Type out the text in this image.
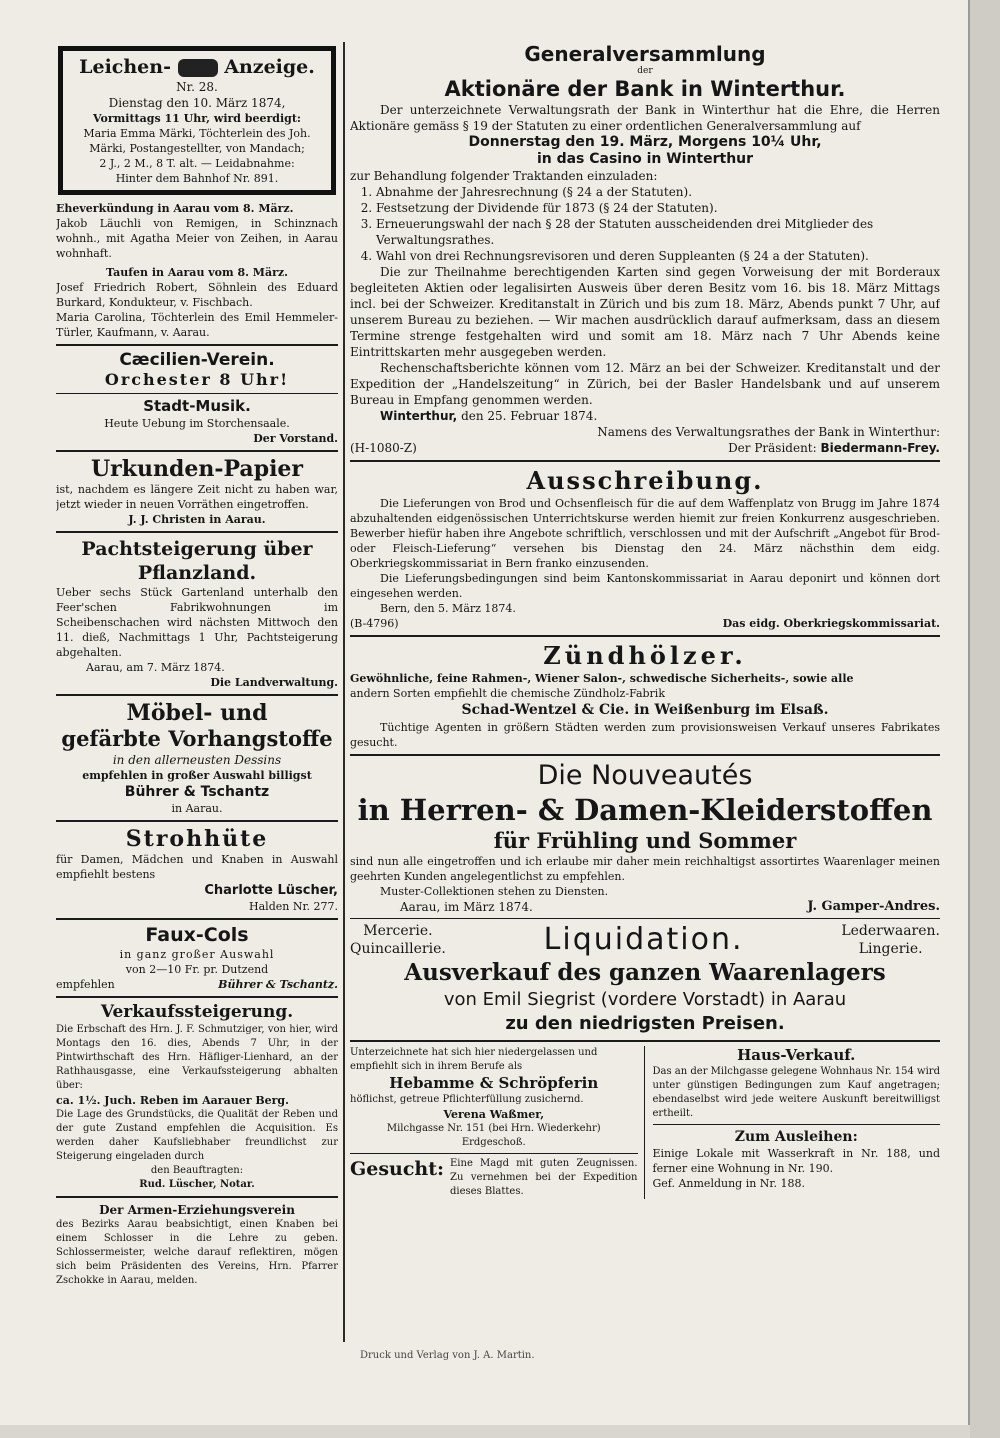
Leichen-	Anzeige.

Nr. 28.

Dienstag den 10. März 1874,

Vormittags 11 Uhr, wird beerdigt:

Maria Emma Märki, Töchterlein des Joh.

Märki, Postangestellter, von Mandach;

2 J., 2 M., 8 T. alt. — Leidabnahme:

Hinter dem Bahnhof Nr. 891.

Eheverkündung in Aarau vom 8. März.

Jakob Läuchli von Remigen, in Schinznach wohnh., mit Agatha Meier von Zeihen, in Aarau wohnhaft.

Taufen in Aarau vom 8. März.

Josef Friedrich Robert, Söhnlein des Eduard Burkard, Kondukteur, v. Fischbach.

Maria Carolina, Töchterlein des Emil Hemmeler-Türler, Kaufmann, v. Aarau.

Cæcilien-Verein.

Orchester 8 Uhr!

Stadt-Musik.

Heute Uebung im Storchensaale.

Der Vorstand.

Urkunden-Papier

ist, nachdem es längere Zeit nicht zu haben war, jetzt wieder in neuen Vorräthen eingetroffen.

J. J. Christen in Aarau.

Pachtsteigerung über Pflanzland.

Ueber sechs Stück Gartenland unterhalb den Feer'schen Fabrikwohnungen im Scheibenschachen wird nächsten Mittwoch den 11. dieß, Nachmittags 1 Uhr, Pachtsteigerung abgehalten.

Aarau, am 7. März 1874.

Die Landverwaltung.

Möbel- und

gefärbte Vorhangstoffe

in den allerneusten Dessins

empfehlen in großer Auswahl billigst

Bührer & Tschantz

in Aarau.

Strohhüte

für Damen, Mädchen und Knaben in Auswahl empfiehlt bestens

Charlotte Lüscher,

Halden Nr. 277.

Faux-Cols

in ganz großer Auswahl

von 2—10 Fr. pr. Dutzend

empfehlen	Bührer & Tschantz.

Verkaufssteigerung.

Die Erbschaft des Hrn. J. F. Schmutziger, von hier, wird Montags den 16. dies, Abends 7 Uhr, in der Pintwirthschaft des Hrn. Häfliger-Lienhard, an der Rathhausgasse, eine Verkaufssteigerung abhalten über:

ca. 1½. Juch. Reben im Aarauer Berg.

Die Lage des Grundstücks, die Qualität der Reben und der gute Zustand empfehlen die Acquisition. Es werden daher Kaufsliebhaber freundlichst zur Steigerung eingeladen durch

den Beauftragten:

Rud. Lüscher, Notar.

Der Armen-Erziehungsverein

des Bezirks Aarau beabsichtigt, einen Knaben bei einem Schlosser in die Lehre zu geben. Schlossermeister, welche darauf reflektiren, mögen sich beim Präsidenten des Vereins, Hrn. Pfarrer Zschokke in Aarau, melden.

Generalversammlung

der

Aktionäre der Bank in Winterthur.

Der unterzeichnete Verwaltungsrath der Bank in Winterthur hat die Ehre, die Herren Aktionäre gemäss § 19 der Statuten zu einer ordentlichen Generalversammlung auf

Donnerstag den 19. März, Morgens 10¼ Uhr,

in das Casino in Winterthur

zur Behandlung folgender Traktanden einzuladen:

1. Abnahme der Jahresrechnung (§ 24 a der Statuten).
2. Festsetzung der Dividende für 1873 (§ 24 der Statuten).
3. Erneuerungswahl der nach § 28 der Statuten ausscheidenden drei Mitglieder des Verwaltungsrathes.
4. Wahl von drei Rechnungsrevisoren und deren Suppleanten (§ 24 a der Statuten).

Die zur Theilnahme berechtigenden Karten sind gegen Vorweisung der mit Borderaux begleiteten Aktien oder legalisirten Ausweis über deren Besitz vom 16. bis 18. März Mittags incl. bei der Schweizer. Kreditanstalt in Zürich und bis zum 18. März, Abends punkt 7 Uhr, auf unserem Bureau zu beziehen. — Wir machen ausdrücklich darauf aufmerksam, dass an diesem Termine strenge festgehalten wird und somit am 18. März nach 7 Uhr Abends keine Eintrittskarten mehr ausgegeben werden.

Rechenschaftsberichte können vom 12. März an bei der Schweizer. Kreditanstalt und der Expedition der „Handelszeitung“ in Zürich, bei der Basler Handelsbank und auf unserem Bureau in Empfang genommen werden.

Winterthur, den 25. Februar 1874.

Namens des Verwaltungsrathes der Bank in Winterthur:

(H-1080-Z)	Der Präsident: Biedermann-Frey.

Ausschreibung.

Die Lieferungen von Brod und Ochsenfleisch für die auf dem Waffenplatz von Brugg im Jahre 1874 abzuhaltenden eidgenössischen Unterrichtskurse werden hiemit zur freien Konkurrenz ausgeschrieben. Bewerber hiefür haben ihre Angebote schriftlich, verschlossen und mit der Aufschrift „Angebot für Brod- oder Fleisch-Lieferung“ versehen bis Dienstag den 24. März nächsthin dem eidg. Oberkriegskommissariat in Bern franko einzusenden.

Die Lieferungsbedingungen sind beim Kantonskommissariat in Aarau deponirt und können dort eingesehen werden.

Bern, den 5. März 1874.

(B-4796)	Das eidg. Oberkriegskommissariat.

Zündhölzer.

Gewöhnliche, feine Rahmen-, Wiener Salon-, schwedische Sicherheits-, sowie alle

andern Sorten empfiehlt die chemische Zündholz-Fabrik

Schad-Wentzel & Cie. in Weißenburg im Elsaß.

Tüchtige Agenten in größern Städten werden zum provisionsweisen Verkauf unseres Fabrikates gesucht.

Die Nouveautés

in Herren- & Damen-Kleiderstoffen

für Frühling und Sommer

sind nun alle eingetroffen und ich erlaube mir daher mein reichhaltigst assortirtes Waarenlager meinen geehrten Kunden angelegentlichst zu empfehlen.

Muster-Collektionen stehen zu Diensten.

Aarau, im März 1874.	J. Gamper-Andres.

Mercerie.

Quincaillerie.	Liquidation.	Lederwaaren.

Lingerie.

Ausverkauf des ganzen Waarenlagers

von Emil Siegrist (vordere Vorstadt) in Aarau

zu den niedrigsten Preisen.

Unterzeichnete hat sich hier niedergelassen und empfiehlt sich in ihrem Berufe als

Hebamme & Schröpferin

höflichst, getreue Pflichterfüllung zusichernd.

Verena Waßmer,

Milchgasse Nr. 151 (bei Hrn. Wiederkehr)

Erdgeschoß.

Gesucht: Eine Magd mit guten Zeugnissen. Zu vernehmen bei der Expedition dieses Blattes.

Haus-Verkauf.

Das an der Milchgasse gelegene Wohnhaus Nr. 154 wird unter günstigen Bedingungen zum Kauf angetragen; ebendaselbst wird jede weitere Auskunft bereitwilligst ertheilt.

Zum Ausleihen:

Einige Lokale mit Wasserkraft in Nr. 188, und ferner eine Wohnung in Nr. 190.

Gef. Anmeldung in Nr. 188.

Druck und Verlag von J. A. Martin.
